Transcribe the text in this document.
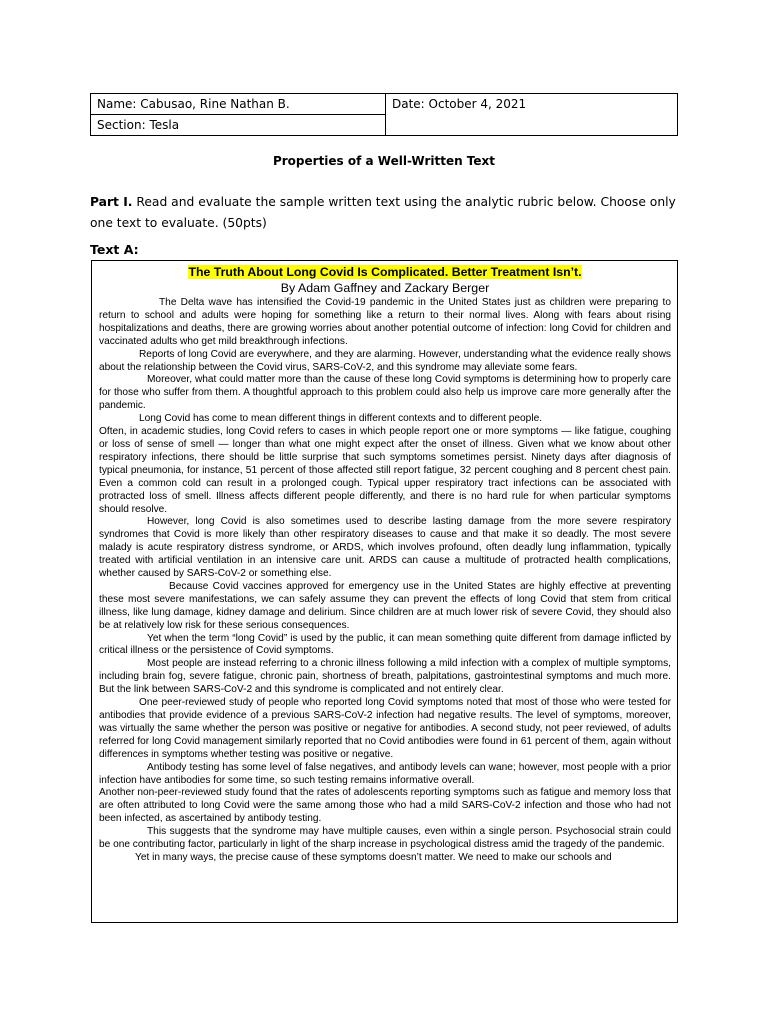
Name: Cabusao, Rine Nathan B.	Date: October 4, 2021
Section: Tesla
Properties of a Well-Written Text
Part I. Read and evaluate the sample written text using the analytic rubric below. Choose only one text to evaluate. (50pts)
Text A:
The Truth About Long Covid Is Complicated. Better Treatment Isn’t.
By Adam Gaffney and Zackary Berger

The Delta wave has intensified the Covid-19 pandemic in the United States just as children were preparing to return to school and adults were hoping for something like a return to their normal lives. Along with fears about rising hospitalizations and deaths, there are growing worries about another potential outcome of infection: long Covid for children and vaccinated adults who get mild breakthrough infections.

Reports of long Covid are everywhere, and they are alarming. However, understanding what the evidence really shows about the relationship between the Covid virus, SARS-CoV-2, and this syndrome may alleviate some fears.

Moreover, what could matter more than the cause of these long Covid symptoms is determining how to properly care for those who suffer from them. A thoughtful approach to this problem could also help us improve care more generally after the pandemic.

Long Covid has come to mean different things in different contexts and to different people.

Often, in academic studies, long Covid refers to cases in which people report one or more symptoms — like fatigue, coughing or loss of sense of smell — longer than what one might expect after the onset of illness. Given what we know about other respiratory infections, there should be little surprise that such symptoms sometimes persist. Ninety days after diagnosis of typical pneumonia, for instance, 51 percent of those affected still report fatigue, 32 percent coughing and 8 percent chest pain. Even a common cold can result in a prolonged cough. Typical upper respiratory tract infections can be associated with protracted loss of smell. Illness affects different people differently, and there is no hard rule for when particular symptoms should resolve.

However, long Covid is also sometimes used to describe lasting damage from the more severe respiratory syndromes that Covid is more likely than other respiratory diseases to cause and that make it so deadly. The most severe malady is acute respiratory distress syndrome, or ARDS, which involves profound, often deadly lung inflammation, typically treated with artificial ventilation in an intensive care unit. ARDS can cause a multitude of protracted health complications, whether caused by SARS-CoV-2 or something else.

Because Covid vaccines approved for emergency use in the United States are highly effective at preventing these most severe manifestations, we can safely assume they can prevent the effects of long Covid that stem from critical illness, like lung damage, kidney damage and delirium. Since children are at much lower risk of severe Covid, they should also be at relatively low risk for these serious consequences.

Yet when the term “long Covid” is used by the public, it can mean something quite different from damage inflicted by critical illness or the persistence of Covid symptoms.

Most people are instead referring to a chronic illness following a mild infection with a complex of multiple symptoms, including brain fog, severe fatigue, chronic pain, shortness of breath, palpitations, gastrointestinal symptoms and much more. But the link between SARS-CoV-2 and this syndrome is complicated and not entirely clear.

One peer-reviewed study of people who reported long Covid symptoms noted that most of those who were tested for antibodies that provide evidence of a previous SARS-CoV-2 infection had negative results. The level of symptoms, moreover, was virtually the same whether the person was positive or negative for antibodies. A second study, not peer reviewed, of adults referred for long Covid management similarly reported that no Covid antibodies were found in 61 percent of them, again without differences in symptoms whether testing was positive or negative.

Antibody testing has some level of false negatives, and antibody levels can wane; however, most people with a prior infection have antibodies for some time, so such testing remains informative overall.

Another non-peer-reviewed study found that the rates of adolescents reporting symptoms such as fatigue and memory loss that are often attributed to long Covid were the same among those who had a mild SARS-CoV-2 infection and those who had not been infected, as ascertained by antibody testing.

This suggests that the syndrome may have multiple causes, even within a single person. Psychosocial strain could be one contributing factor, particularly in light of the sharp increase in psychological distress amid the tragedy of the pandemic.

Yet in many ways, the precise cause of these symptoms doesn’t matter. We need to make our schools and
